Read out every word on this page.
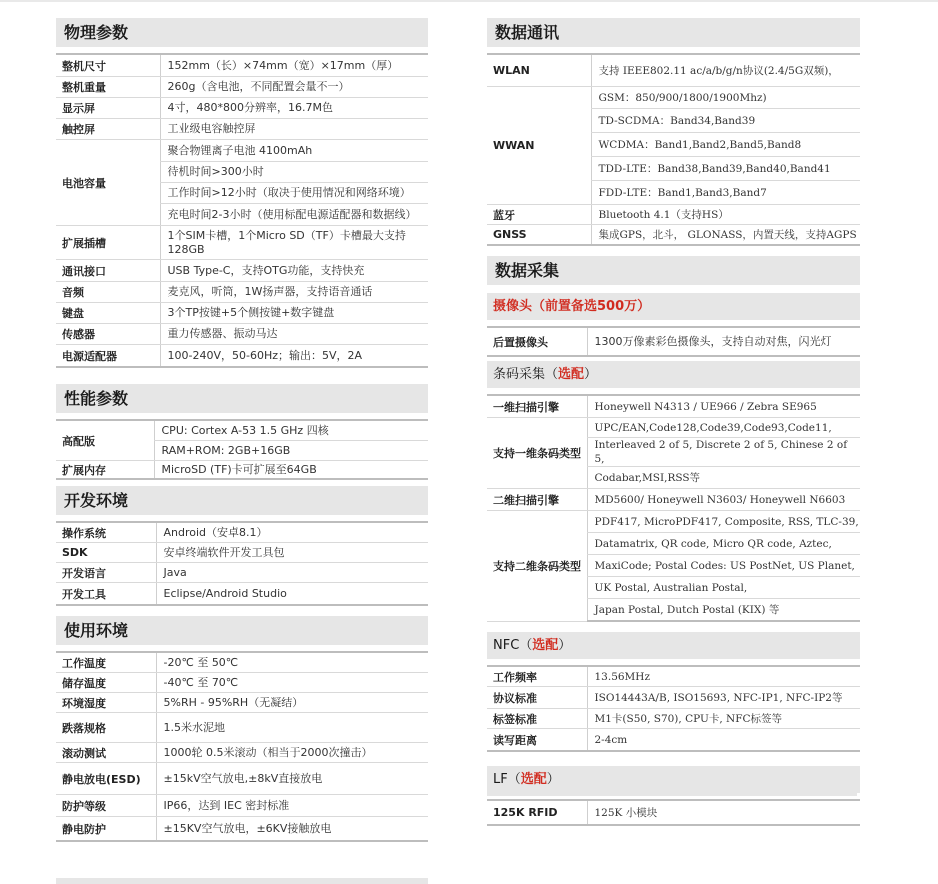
物理参数
整机尺寸	152mm（长）×74mm（宽）×17mm（厚）
整机重量	260g（含电池，不同配置会量不一）
显示屏	4寸，480*800分辨率，16.7M色
触控屏	工业级电容触控屏
电池容量	聚合物锂离子电池 4100mAh
	待机时间>300小时
	工作时间>12小时（取决于使用情况和网络环境）
	充电时间2-3小时（使用标配电源适配器和数据线）
扩展插槽	1个SIM卡槽，1个Micro SD（TF）卡槽最大支持128GB
通讯接口	USB Type-C，支持OTG功能，支持快充
音频	麦克风，听筒，1W扬声器，支持语音通话
键盘	3个TP按键+5个侧按键+数字键盘
传感器	重力传感器、振动马达
电源适配器	100-240V，50-60Hz；输出：5V，2A
性能参数
高配版	CPU: Cortex A-53 1.5 GHz 四核
	RAM+ROM: 2GB+16GB
扩展内存	MicroSD (TF)卡可扩展至64GB
开发环境
操作系统	Android（安卓8.1）
SDK	安卓终端软件开发工具包
开发语言	Java
开发工具	Eclipse/Android Studio
使用环境
工作温度	-20℃ 至 50℃
储存温度	-40℃ 至 70℃
环境湿度	5%RH - 95%RH（无凝结）
跌落规格	1.5米水泥地
滚动测试	1000轮 0.5米滚动（相当于2000次撞击）
静电放电(ESD)	±15kV空气放电,±8kV直接放电
防护等级	IP66，达到 IEC 密封标准
静电防护	±15KV空气放电，±6KV接触放电
数据通讯
WLAN	支持 IEEE802.11 ac/a/b/g/n协议(2.4/5G双频)，
WWAN	GSM：850/900/1800/1900Mhz)
	TD-SCDMA：Band34,Band39
	WCDMA：Band1,Band2,Band5,Band8
	TDD-LTE：Band38,Band39,Band40,Band41
	FDD-LTE：Band1,Band3,Band7
蓝牙	Bluetooth 4.1（支持HS）
GNSS	集成GPS，北斗， GLONASS，内置天线，支持AGPS
数据采集
摄像头（前置备选500万）
后置摄像头	1300万像素彩色摄像头，支持自动对焦，闪光灯
条码采集（选配）
一维扫描引擎	Honeywell N4313 / UE966 / Zebra SE965
支持一维条码类型	UPC/EAN,Code128,Code39,Code93,Code11,
	Interleaved 2 of 5, Discrete 2 of 5, Chinese 2 of 5,
	Codabar,MSI,RSS等
二维扫描引擎	MD5600/ Honeywell N3603/ Honeywell N6603
支持二维条码类型	PDF417, MicroPDF417, Composite, RSS, TLC-39,
	Datamatrix, QR code, Micro QR code, Aztec,
	MaxiCode; Postal Codes: US PostNet, US Planet,
	UK Postal, Australian Postal,
	Japan Postal, Dutch Postal (KIX) 等
NFC（选配）
工作频率	13.56MHz
协议标准	ISO14443A/B, ISO15693, NFC-IP1, NFC-IP2等
标签标准	M1卡(S50, S70), CPU卡, NFC标签等
读写距离	2-4cm
LF（选配）
125K RFID	125K 小模块
